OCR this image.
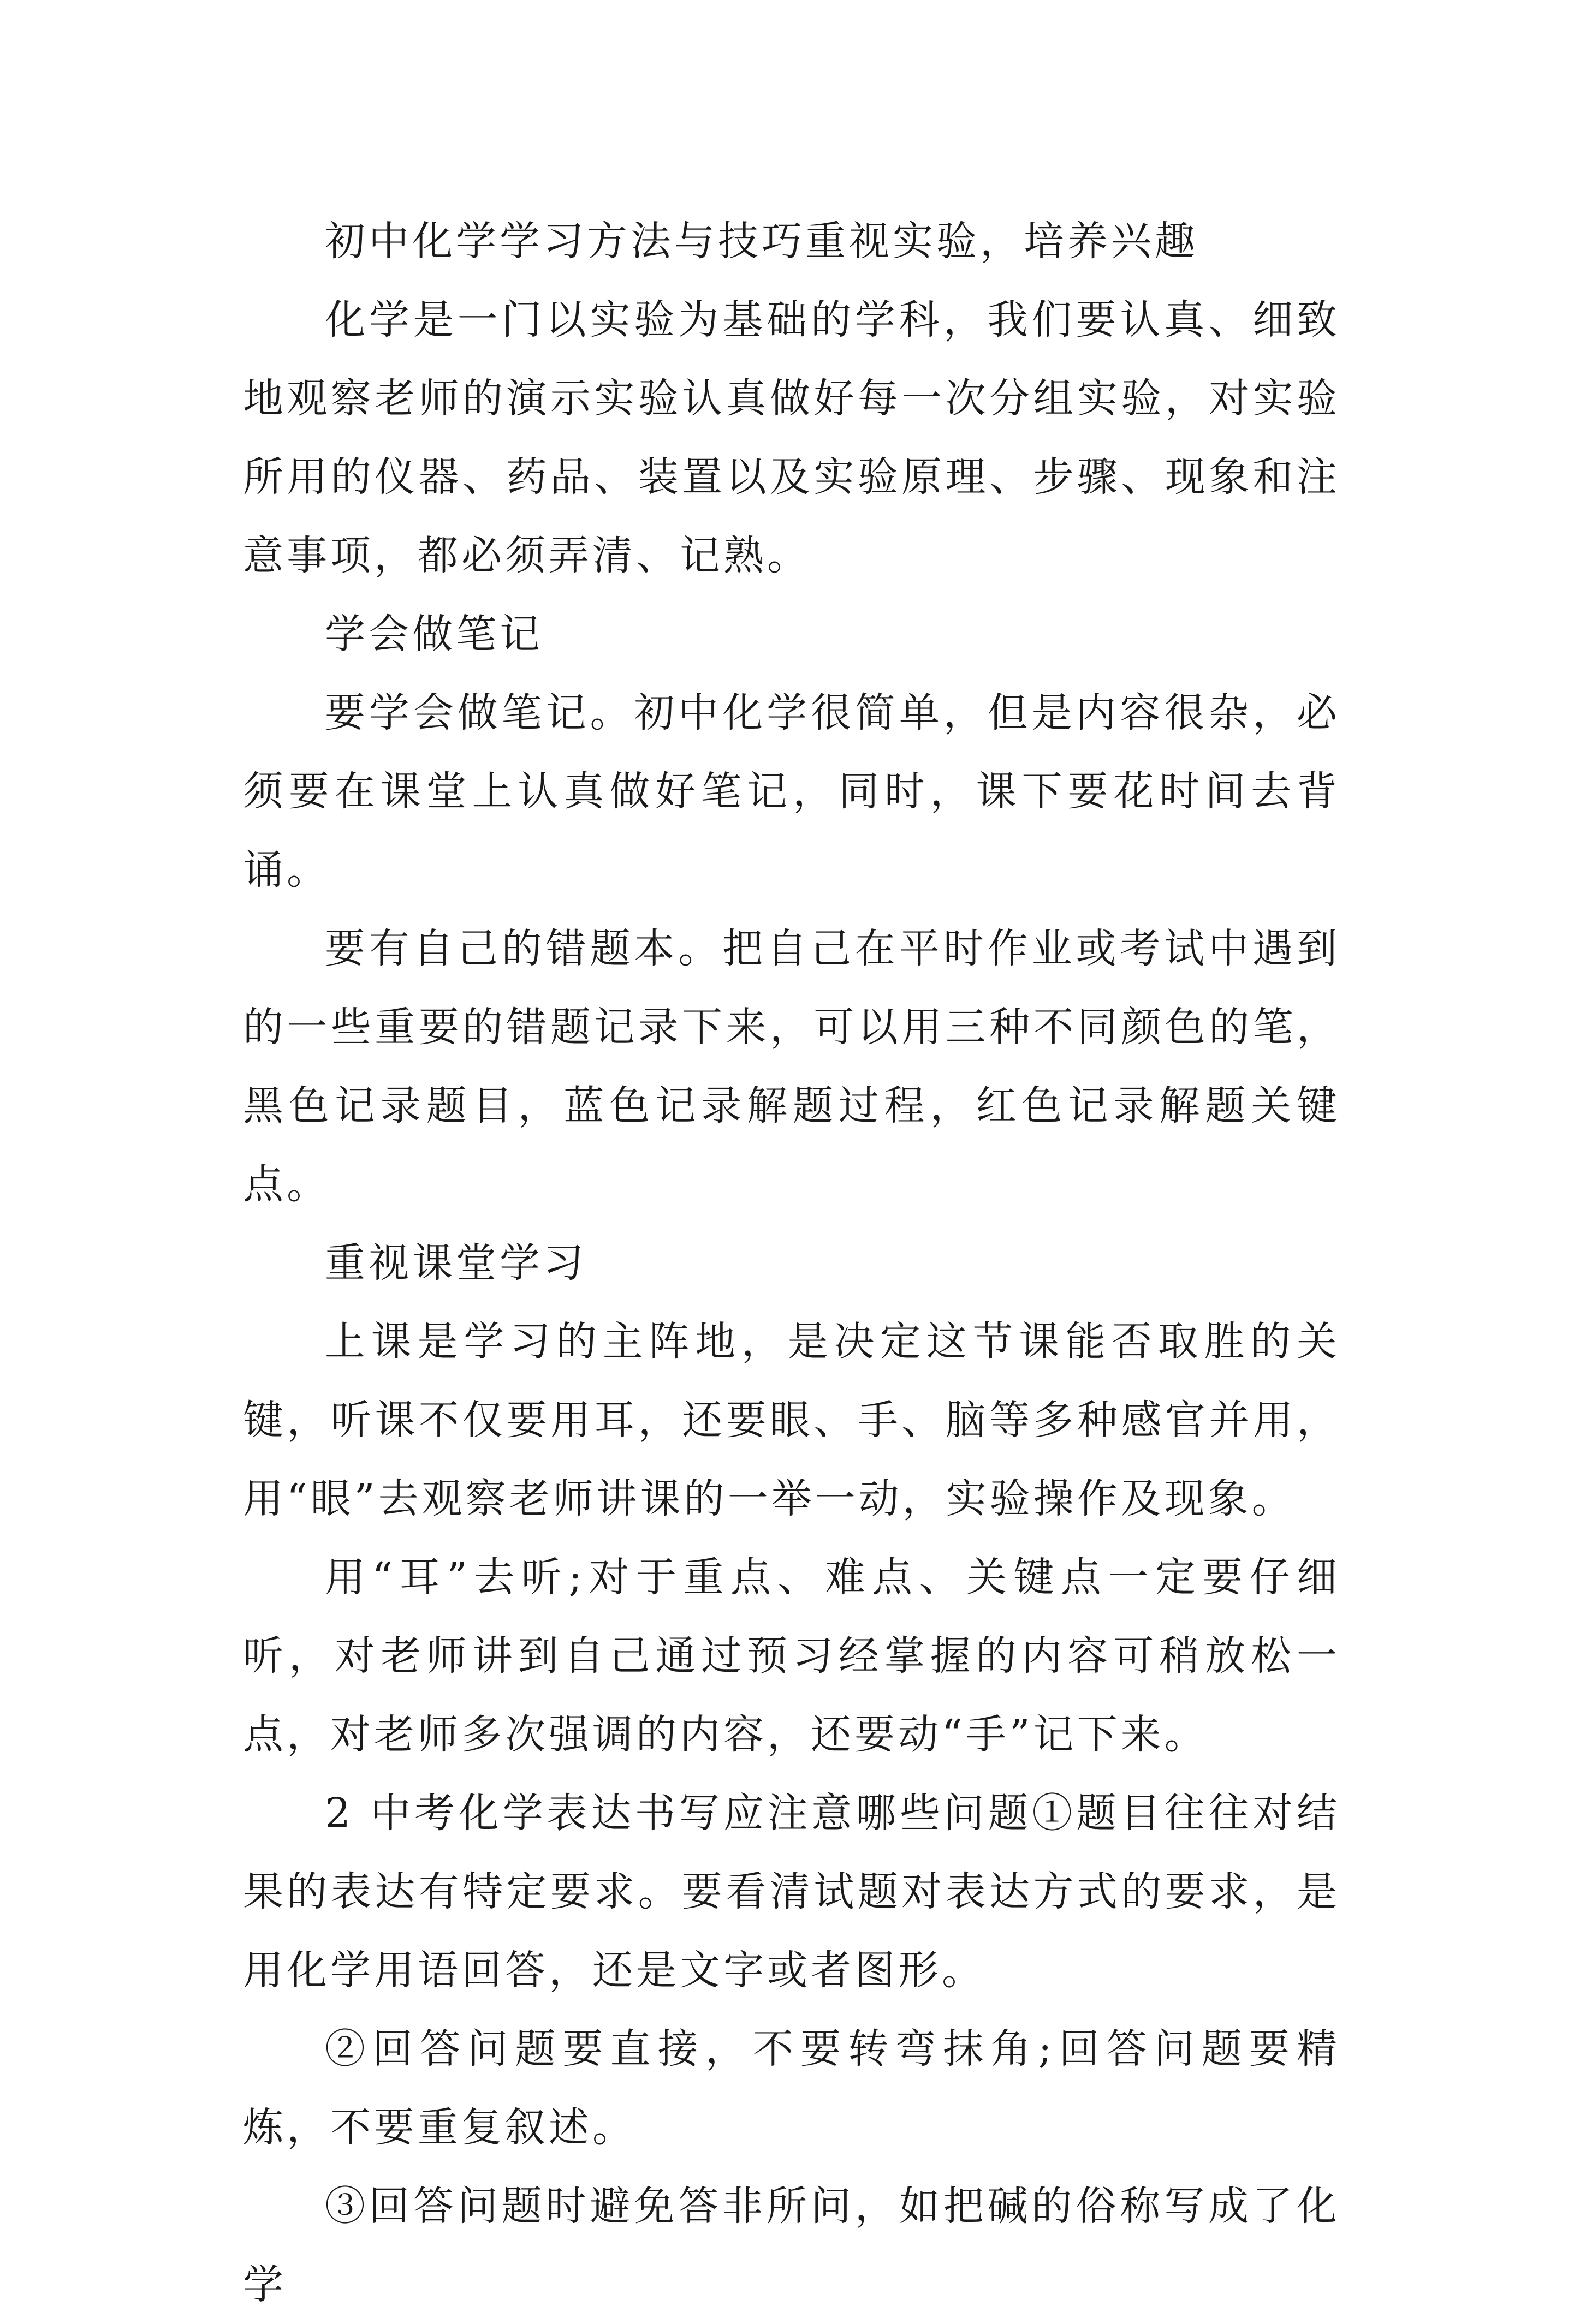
初中化学学习方法与技巧重视实验，培养兴趣

化学是一门以实验为基础的学科，我们要认真、细致地观察老师的演示实验认真做好每一次分组实验，对实验所用的仪器、药品、装置以及实验原理、步骤、现象和注意事项，都必须弄清、记熟。

学会做笔记

要学会做笔记。初中化学很简单，但是内容很杂，必须要在课堂上认真做好笔记，同时，课下要花时间去背诵。

要有自己的错题本。把自己在平时作业或考试中遇到的一些重要的错题记录下来，可以用三种不同颜色的笔，黑色记录题目，蓝色记录解题过程，红色记录解题关键点。

重视课堂学习

上课是学习的主阵地，是决定这节课能否取胜的关键，听课不仅要用耳，还要眼、手、脑等多种感官并用，用“眼”去观察老师讲课的一举一动，实验操作及现象。

用“耳”去听;对于重点、难点、关键点一定要仔细听，对老师讲到自己通过预习经掌握的内容可稍放松一点，对老师多次强调的内容，还要动“手”记下来。

2 中考化学表达书写应注意哪些问题①题目往往对结果的表达有特定要求。要看清试题对表达方式的要求，是用化学用语回答，还是文字或者图形。

②回答问题要直接，不要转弯抹角;回答问题要精炼，不要重复叙述。

③回答问题时避免答非所问，如把碱的俗称写成了化学
